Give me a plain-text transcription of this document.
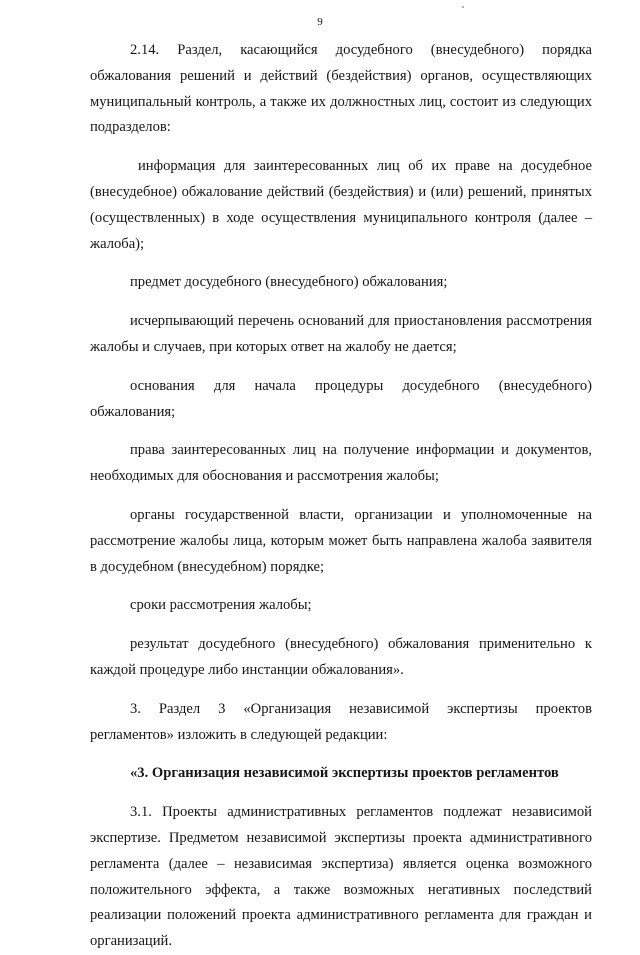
9

2.14. Раздел, касающийся досудебного (внесудебного) порядка обжалования решений и действий (бездействия) органов, осуществляющих муниципальный контроль, а также их должностных лиц, состоит из следующих подразделов:

информация для заинтересованных лиц об их праве на досудебное (внесудебное) обжалование действий (бездействия) и (или) решений, принятых (осуществленных) в ходе осуществления муниципального контроля (далее – жалоба);

предмет досудебного (внесудебного) обжалования;

исчерпывающий перечень оснований для приостановления рассмотрения жалобы и случаев, при которых ответ на жалобу не дается;

основания для начала процедуры досудебного (внесудебного) обжалования;

права заинтересованных лиц на получение информации и документов, необходимых для обоснования и рассмотрения жалобы;

органы государственной власти, организации и уполномоченные на рассмотрение жалобы лица, которым может быть направлена жалоба заявителя в досудебном (внесудебном) порядке;

сроки рассмотрения жалобы;

результат досудебного (внесудебного) обжалования применительно к каждой процедуре либо инстанции обжалования».

3. Раздел 3 «Организация независимой экспертизы проектов регламентов» изложить в следующей редакции:

«3. Организация независимой экспертизы проектов регламентов

3.1. Проекты административных регламентов подлежат независимой экспертизе. Предметом независимой экспертизы проекта административного регламента (далее – независимая экспертиза) является оценка возможного положительного эффекта, а также возможных негативных последствий реализации положений проекта административного регламента для граждан и организаций.
